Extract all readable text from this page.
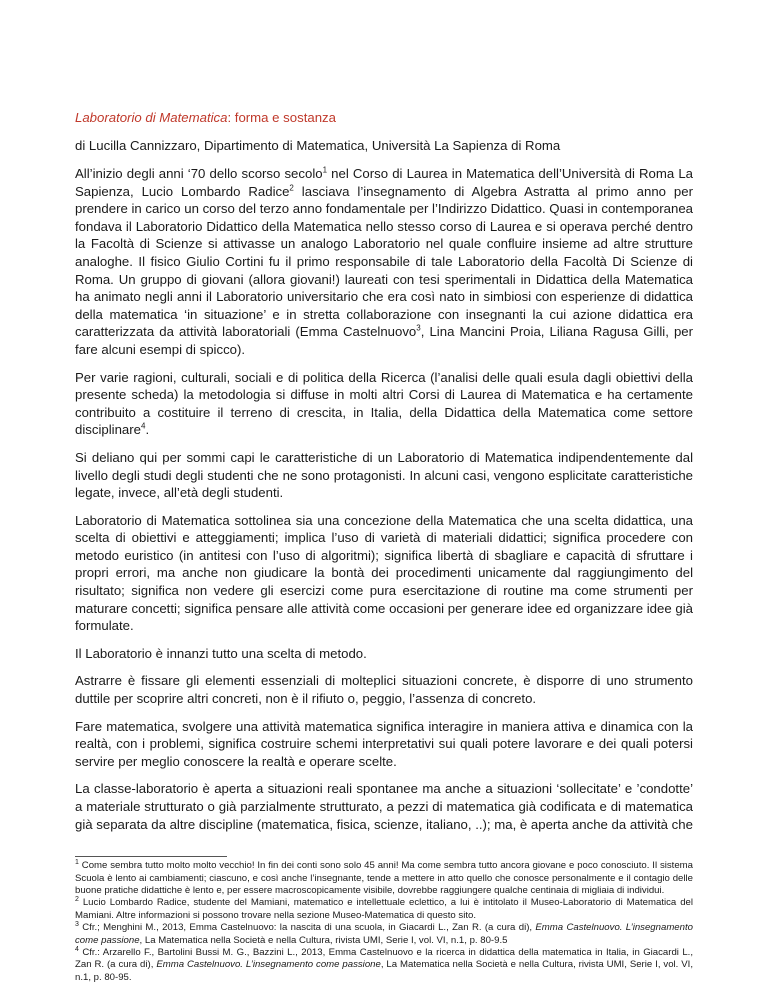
Laboratorio di Matematica: forma e sostanza

di Lucilla Cannizzaro, Dipartimento di Matematica, Università La Sapienza di Roma

All’inizio degli anni ‘70 dello scorso secolo$^1$ nel Corso di Laurea in Matematica dell’Università di Roma La Sapienza, Lucio Lombardo Radice$^2$ lasciava l’insegnamento di Algebra Astratta al primo anno per prendere in carico un corso del terzo anno fondamentale per l’Indirizzo Didattico. Quasi in contemporanea fondava il Laboratorio Didattico della Matematica nello stesso corso di Laurea e si operava perché dentro la Facoltà di Scienze si attivasse un analogo Laboratorio nel quale confluire insieme ad altre strutture analoghe. Il fisico Giulio Cortini fu il primo responsabile di tale Laboratorio della Facoltà Di Scienze di Roma. Un gruppo di giovani (allora giovani!) laureati con tesi sperimentali in Didattica della Matematica ha animato negli anni il Laboratorio universitario che era così nato in simbiosi con esperienze di didattica della matematica ‘in situazione’ e in stretta collaborazione con insegnanti la cui azione didattica era caratterizzata da attività laboratoriali (Emma Castelnuovo$^3$, Lina Mancini Proia, Liliana Ragusa Gilli, per fare alcuni esempi di spicco).

Per varie ragioni, culturali, sociali e di politica della Ricerca (l’analisi delle quali esula dagli obiettivi della presente scheda) la metodologia si diffuse in molti altri Corsi di Laurea di Matematica e ha certamente contribuito a costituire il terreno di crescita, in Italia, della Didattica della Matematica come settore disciplinare$^4$.

Si deliano qui per sommi capi le caratteristiche di un Laboratorio di Matematica indipendentemente dal livello degli studi degli studenti che ne sono protagonisti. In alcuni casi, vengono esplicitate caratteristiche legate, invece, all’età degli studenti.

Laboratorio di Matematica sottolinea sia una concezione della Matematica che una scelta didattica, una scelta di obiettivi e atteggiamenti; implica l’uso di varietà di materiali didattici; significa procedere con metodo euristico (in antitesi con l’uso di algoritmi); significa libertà di sbagliare e capacità di sfruttare i propri errori, ma anche non giudicare la bontà dei procedimenti unicamente dal raggiungimento del risultato; significa non vedere gli esercizi come pura esercitazione di routine ma come strumenti per maturare concetti; significa pensare alle attività come occasioni per generare idee ed organizzare idee già formulate.

Il Laboratorio è innanzi tutto una scelta di metodo.

Astrarre è fissare gli elementi essenziali di molteplici situazioni concrete, è disporre di uno strumento duttile per scoprire altri concreti, non è il rifiuto o, peggio, l’assenza di concreto.

Fare matematica, svolgere una attività matematica significa interagire in maniera attiva e dinamica con la realtà, con i problemi, significa costruire schemi interpretativi sui quali potere lavorare e dei quali potersi servire per meglio conoscere la realtà e operare scelte.

La classe-laboratorio è aperta a situazioni reali spontanee ma anche a situazioni ‘sollecitate’ e ’condotte’ a materiale strutturato o già parzialmente strutturato, a pezzi di matematica già codificata e di matematica già separata da altre discipline (matematica, fisica, scienze, italiano, ..); ma, è aperta anche da attività che

$^1$ Come sembra tutto molto molto vecchio! In fin dei conti sono solo 45 anni! Ma come sembra tutto ancora giovane e poco conosciuto. Il sistema Scuola è lento ai cambiamenti; ciascuno, e così anche l’insegnante, tende a mettere in atto quello che conosce personalmente e il contagio delle buone pratiche didattiche è lento e, per essere macroscopicamente visibile, dovrebbe raggiungere qualche centinaia di migliaia di individui.

$^2$ Lucio Lombardo Radice, studente del Mamiani, matematico e intellettuale eclettico, a lui è intitolato il Museo-Laboratorio di Matematica del Mamiani. Altre informazioni si possono trovare nella sezione Museo-Matematica di questo sito.

$^3$ Cfr.; Menghini M., 2013, Emma Castelnuovo: la nascita di una scuola, in Giacardi L., Zan R. (a cura di), Emma Castelnuovo. L’insegnamento come passione, La Matematica nella Società e nella Cultura, rivista UMI, Serie I, vol. VI, n.1, p. 80-9.5

$^4$ Cfr.: Arzarello F., Bartolini Bussi M. G., Bazzini L., 2013, Emma Castelnuovo e la ricerca in didattica della matematica in Italia, in Giacardi L., Zan R. (a cura di), Emma Castelnuovo. L’insegnamento come passione, La Matematica nella Società e nella Cultura, rivista UMI, Serie I, vol. VI, n.1, p. 80-95.
